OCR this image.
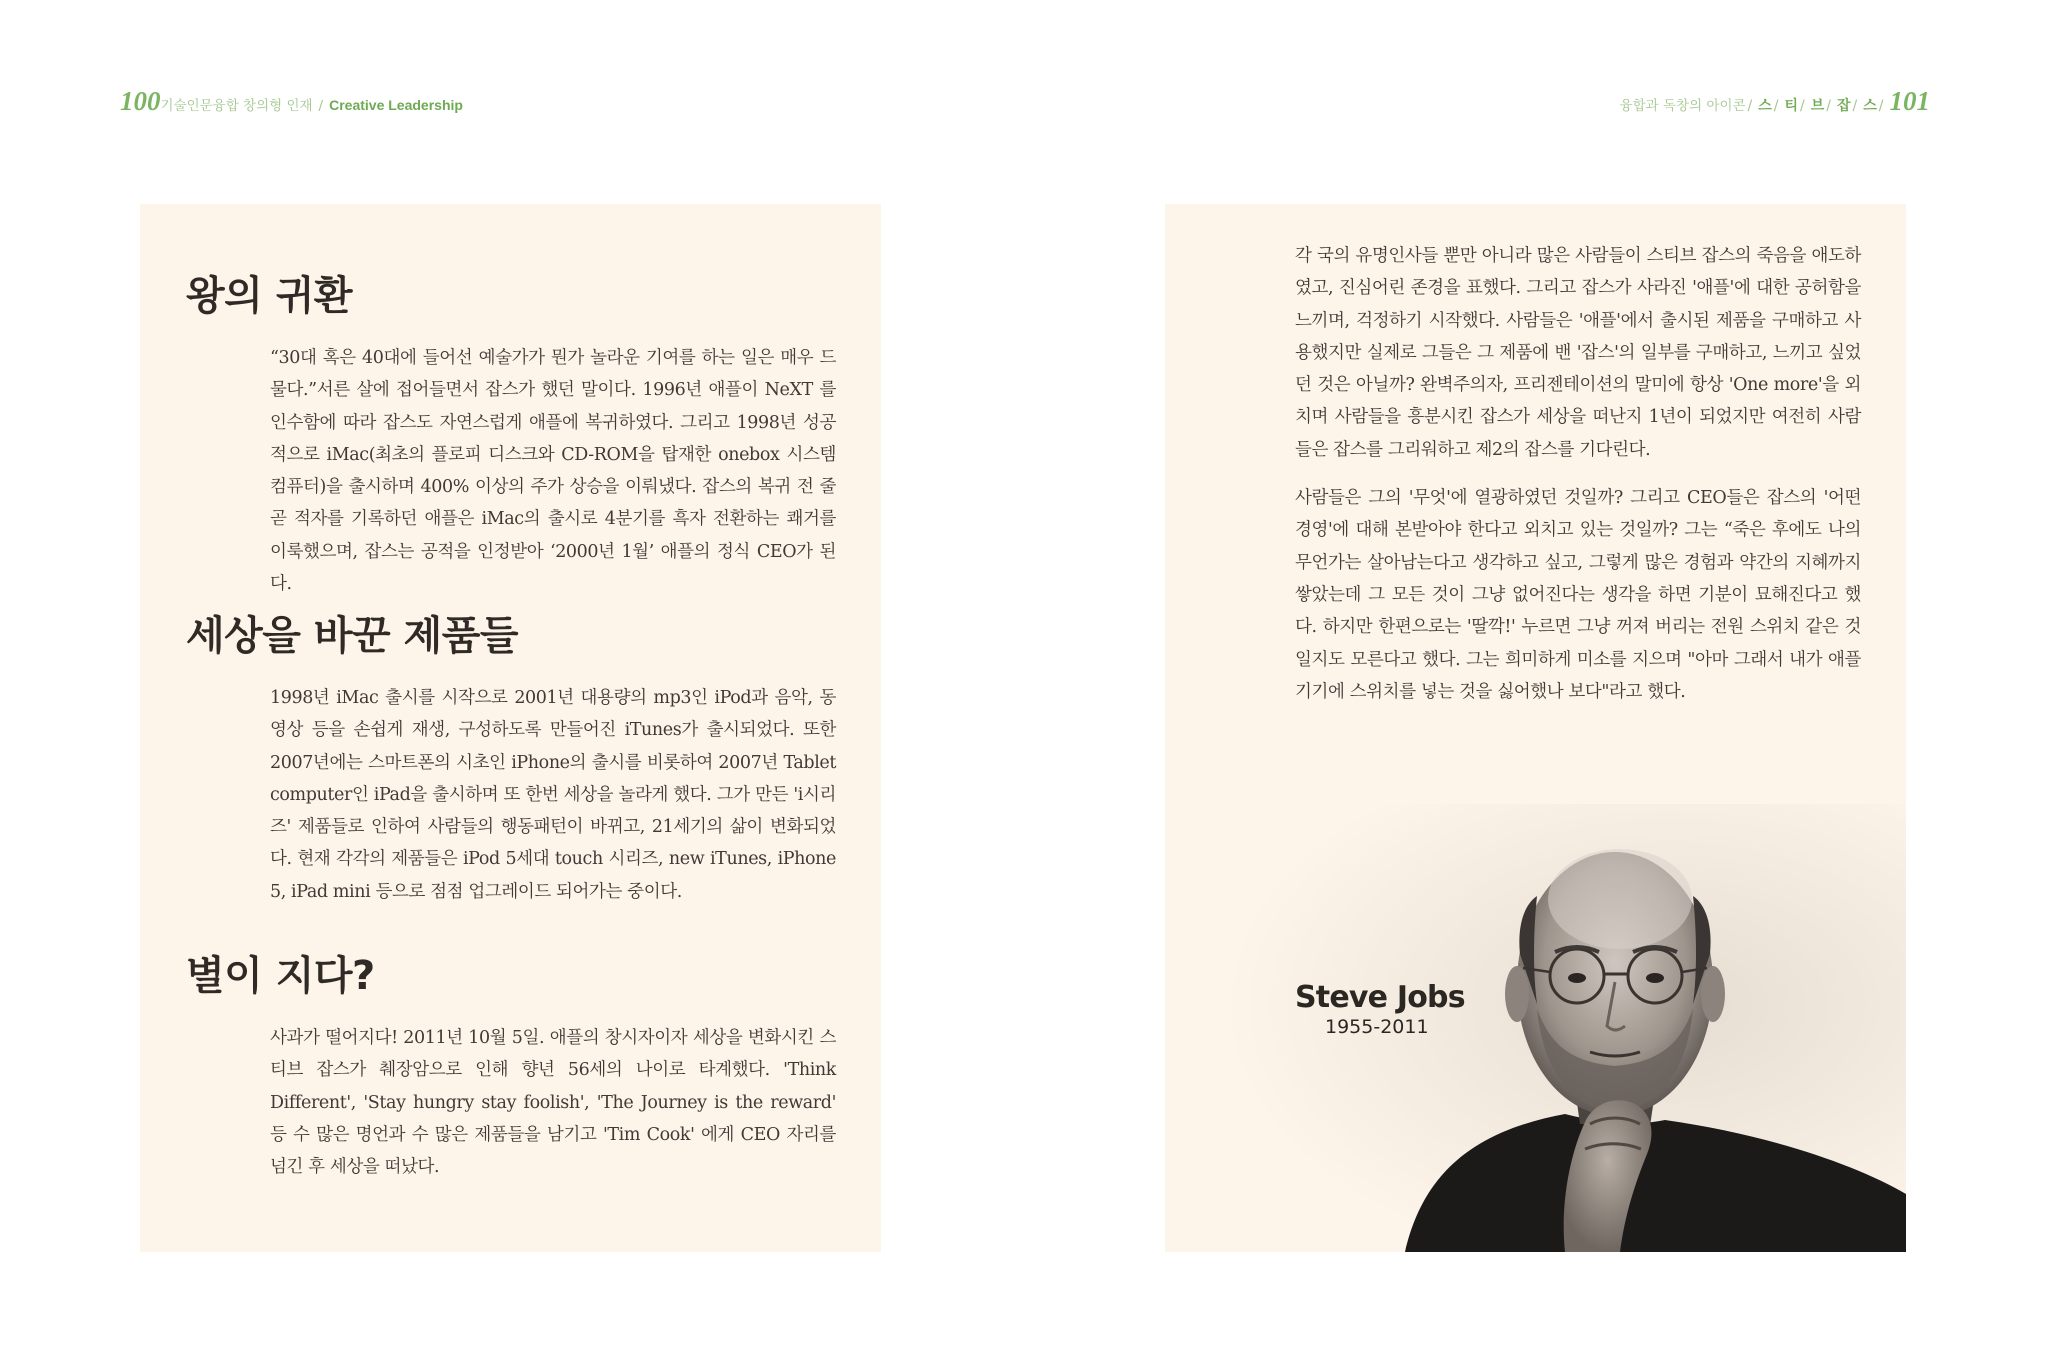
100 기술인문융합 창의형 인재 / Creative Leadership	융합과 독창의 아이콘 / 스 / 티 / 브 / 잡 / 스 / 101
왕의 귀환

“30대 혹은 40대에 들어선 예술가가 뭔가 놀라운 기여를 하는 일은 매우 드물다.”서른 살에 접어들면서 잡스가 했던 말이다. 1996년 애플이 NeXT 를 인수함에 따라 잡스도 자연스럽게 애플에 복귀하였다. 그리고 1998년 성공적으로 iMac(최초의 플로피 디스크와 CD-ROM을 탑재한 onebox 시스템 컴퓨터)을 출시하며 400% 이상의 주가 상승을 이뤄냈다. 잡스의 복귀 전 줄곧 적자를 기록하던 애플은 iMac의 출시로 4분기를 흑자 전환하는 쾌거를 이룩했으며, 잡스는 공적을 인정받아 ‘2000년 1월’ 애플의 정식 CEO가 된다.

세상을 바꾼 제품들

1998년 iMac 출시를 시작으로 2001년 대용량의 mp3인 iPod과 음악, 동영상 등을 손쉽게 재생, 구성하도록 만들어진 iTunes가 출시되었다. 또한 2007년에는 스마트폰의 시초인 iPhone의 출시를 비롯하여 2007년 Tablet computer인 iPad을 출시하며 또 한번 세상을 놀라게 했다. 그가 만든 'i시리즈' 제품들로 인하여 사람들의 행동패턴이 바뀌고, 21세기의 삶이 변화되었다. 현재 각각의 제품들은 iPod 5세대 touch 시리즈, new iTunes, iPhone 5, iPad mini 등으로 점점 업그레이드 되어가는 중이다.

별이 지다?

사과가 떨어지다! 2011년 10월 5일. 애플의 창시자이자 세상을 변화시킨 스티브 잡스가 췌장암으로 인해 향년 56세의 나이로 타계했다. 'Think Different', 'Stay hungry stay foolish', 'The Journey is the reward' 등 수 많은 명언과 수 많은 제품들을 남기고 'Tim Cook' 에게 CEO 자리를 넘긴 후 세상을 떠났다.

각 국의 유명인사들 뿐만 아니라 많은 사람들이 스티브 잡스의 죽음을 애도하였고, 진심어린 존경을 표했다. 그리고 잡스가 사라진 '애플'에 대한 공허함을 느끼며, 걱정하기 시작했다. 사람들은 '애플'에서 출시된 제품을 구매하고 사용했지만 실제로 그들은 그 제품에 밴 '잡스'의 일부를 구매하고, 느끼고 싶었던 것은 아닐까? 완벽주의자, 프리젠테이션의 말미에 항상 'One more'을 외치며 사람들을 흥분시킨 잡스가 세상을 떠난지 1년이 되었지만 여전히 사람들은 잡스를 그리워하고 제2의 잡스를 기다린다.

사람들은 그의 '무엇'에 열광하였던 것일까? 그리고 CEO들은 잡스의 '어떤 경영'에 대해 본받아야 한다고 외치고 있는 것일까? 그는 “죽은 후에도 나의 무언가는 살아남는다고 생각하고 싶고, 그렇게 많은 경험과 약간의 지혜까지 쌓았는데 그 모든 것이 그냥 없어진다는 생각을 하면 기분이 묘해진다고 했다. 하지만 한편으로는 '딸깍!' 누르면 그냥 꺼져 버리는 전원 스위치 같은 것일지도 모른다고 했다. 그는 희미하게 미소를 지으며 "아마 그래서 내가 애플 기기에 스위치를 넣는 것을 싫어했나 보다"라고 했다.

Steve Jobs
1955-2011
